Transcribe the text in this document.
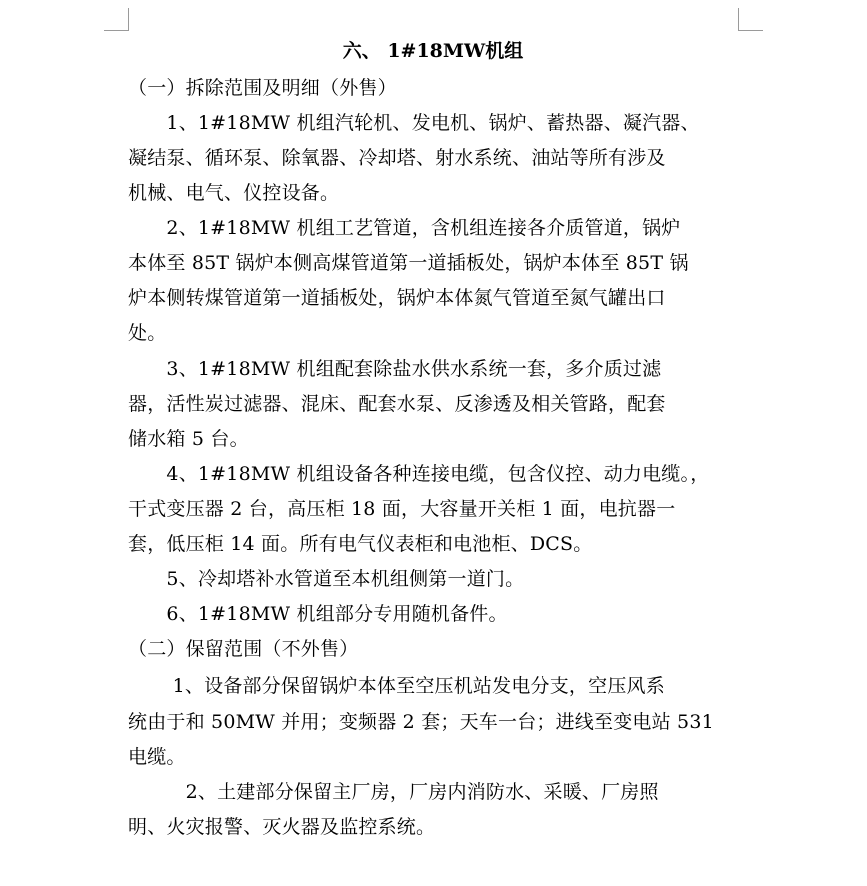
六、 1#18MW机组
（一）拆除范围及明细（外售）
　　1、1#18MW 机组汽轮机、发电机、锅炉、蓄热器、凝汽器、
凝结泵、循环泵、除氧器、冷却塔、射水系统、油站等所有涉及
机械、电气、仪控设备。
　　2、1#18MW 机组工艺管道，含机组连接各介质管道，锅炉
本体至 85T 锅炉本侧高煤管道第一道插板处，锅炉本体至 85T 锅
炉本侧转煤管道第一道插板处，锅炉本体氮气管道至氮气罐出口
处。
　　3、1#18MW 机组配套除盐水供水系统一套，多介质过滤
器，活性炭过滤器、混床、配套水泵、反渗透及相关管路，配套
储水箱 5 台。
　　4、1#18MW 机组设备各种连接电缆，包含仪控、动力电缆。，
干式变压器 2 台，高压柜 18 面，大容量开关柜 1 面，电抗器一
套，低压柜 14 面。所有电气仪表柜和电池柜、DCS。
　　5、冷却塔补水管道至本机组侧第一道门。
　　6、1#18MW 机组部分专用随机备件。
（二）保留范围（不外售）
　　 1、设备部分保留锅炉本体至空压机站发电分支，空压风系
统由于和 50MW 并用；变频器 2 套；天车一台；进线至变电站 531
电缆。
　　　2、土建部分保留主厂房，厂房内消防水、采暖、厂房照
明、火灾报警、灭火器及监控系统。
